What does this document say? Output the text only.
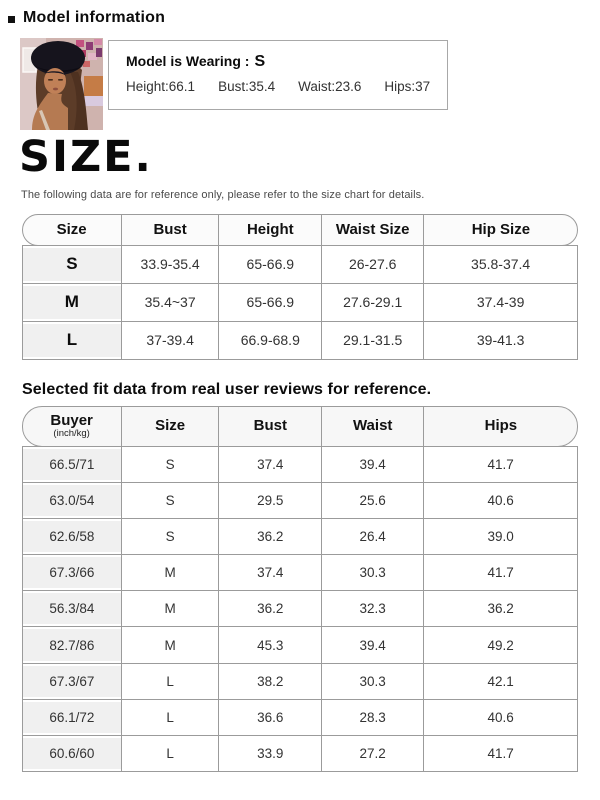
Model information
Model is Wearing : S
Height:66.1 Bust:35.4 Waist:23.6 Hips:37
SIZE.
The following data are for reference only, please refer to the size chart for details.
Size	Bust	Height	Waist Size	Hip Size
S	33.9-35.4	65-66.9	26-27.6	35.8-37.4
M	35.4~37	65-66.9	27.6-29.1	37.4-39
L	37-39.4	66.9-68.9	29.1-31.5	39-41.3
Selected fit data from real user reviews for reference.
Buyer
(inch/kg)	Size	Bust	Waist	Hips
66.5/71	S	37.4	39.4	41.7
63.0/54	S	29.5	25.6	40.6
62.6/58	S	36.2	26.4	39.0
67.3/66	M	37.4	30.3	41.7
56.3/84	M	36.2	32.3	36.2
82.7/86	M	45.3	39.4	49.2
67.3/67	L	38.2	30.3	42.1
66.1/72	L	36.6	28.3	40.6
60.6/60	L	33.9	27.2	41.7
